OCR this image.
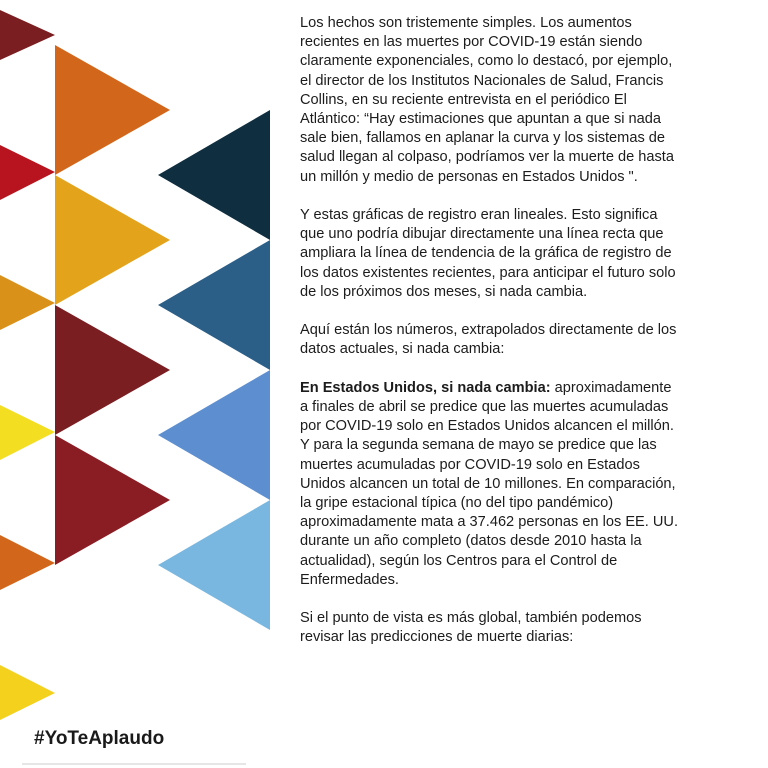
Los hechos son tristemente simples. Los aumentos recientes en las muertes por COVID-19 están siendo claramente exponenciales, como lo destacó, por ejemplo, el director de los Institutos Nacionales de Salud, Francis Collins, en su reciente entrevista en el periódico El Atlántico: “Hay estimaciones que apuntan a que si nada sale bien, fallamos en aplanar la curva y los sistemas de salud llegan al colpaso, podríamos ver la muerte de hasta un millón y medio de personas en Estados Unidos ".

Y estas gráficas de registro eran lineales. Esto significa que uno podría dibujar directamente una línea recta que ampliara la línea de tendencia de la gráfica de registro de los datos existentes recientes, para anticipar el futuro solo de los próximos dos meses, si nada cambia.

Aquí están los números, extrapolados directamente de los datos actuales, si nada cambia:

En Estados Unidos, si nada cambia: aproximadamente a finales de abril se predice que las muertes acumuladas por COVID-19 solo en Estados Unidos alcancen el millón. Y para la segunda semana de mayo se predice que las muertes acumuladas por COVID-19 solo en Estados Unidos alcancen un total de 10 millones. En comparación, la gripe estacional típica (no del tipo pandémico) aproximadamente mata a 37.462 personas en los EE. UU. durante un año completo (datos desde 2010 hasta la actualidad), según los Centros para el Control de Enfermedades.

Si el punto de vista es más global, también podemos revisar las predicciones de muerte diarias:

#YoTeAplaudo
